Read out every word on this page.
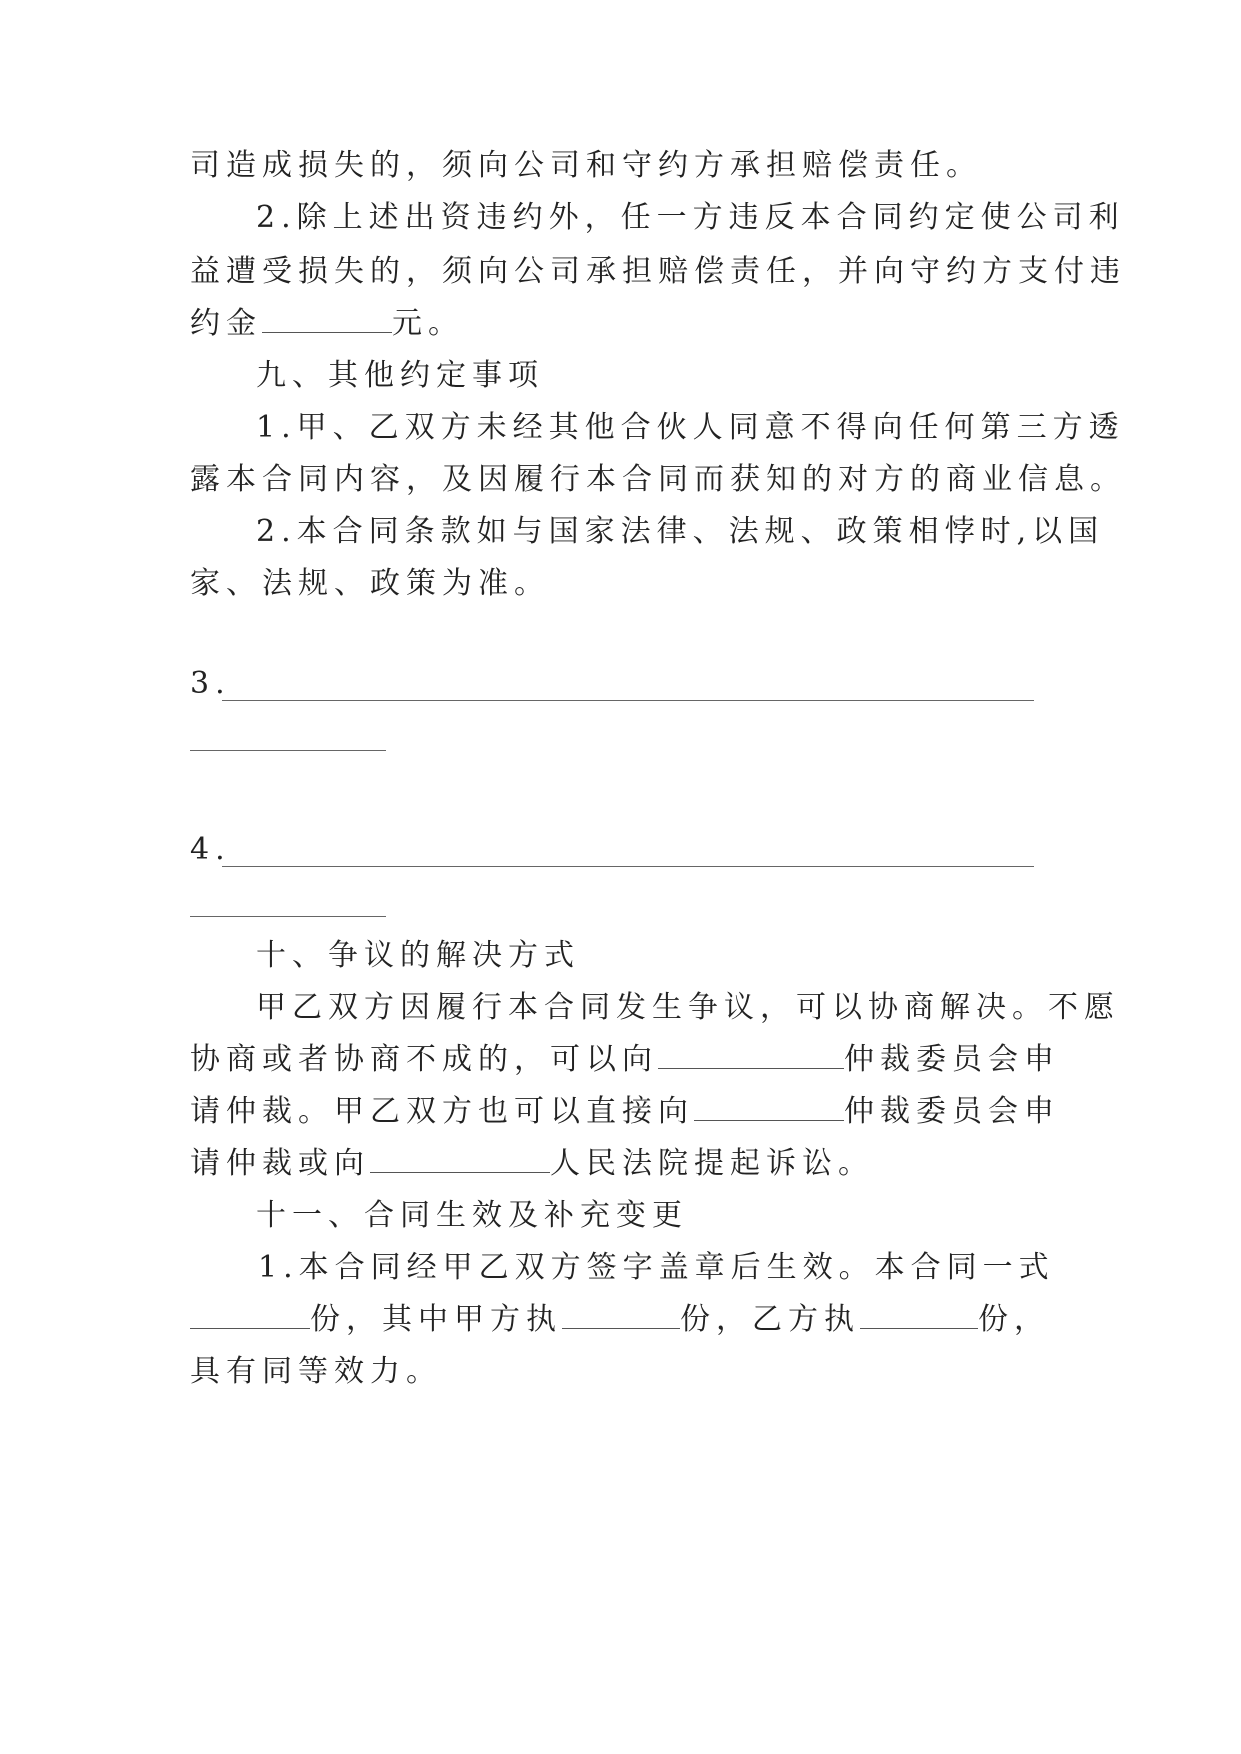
司造成损失的，须向公司和守约方承担赔偿责任。
2.除上述出资违约外，任一方违反本合同约定使公司利
益遭受损失的，须向公司承担赔偿责任，并向守约方支付违
约金	元。
九、其他约定事项
1.甲、乙双方未经其他合伙人同意不得向任何第三方透
露本合同内容，及因履行本合同而获知的对方的商业信息。
2.本合同条款如与国家法律、法规、政策相悖时,以国
家、法规、政策为准。
3.
4.
十、争议的解决方式
甲乙双方因履行本合同发生争议，可以协商解决。不愿
协商或者协商不成的，可以向	仲裁委员会申
请仲裁。甲乙双方也可以直接向	仲裁委员会申
请仲裁或向	人民法院提起诉讼。
十一、合同生效及补充变更
1.本合同经甲乙双方签字盖章后生效。本合同一式
份，其中甲方执	份，乙方执	份，
具有同等效力。
